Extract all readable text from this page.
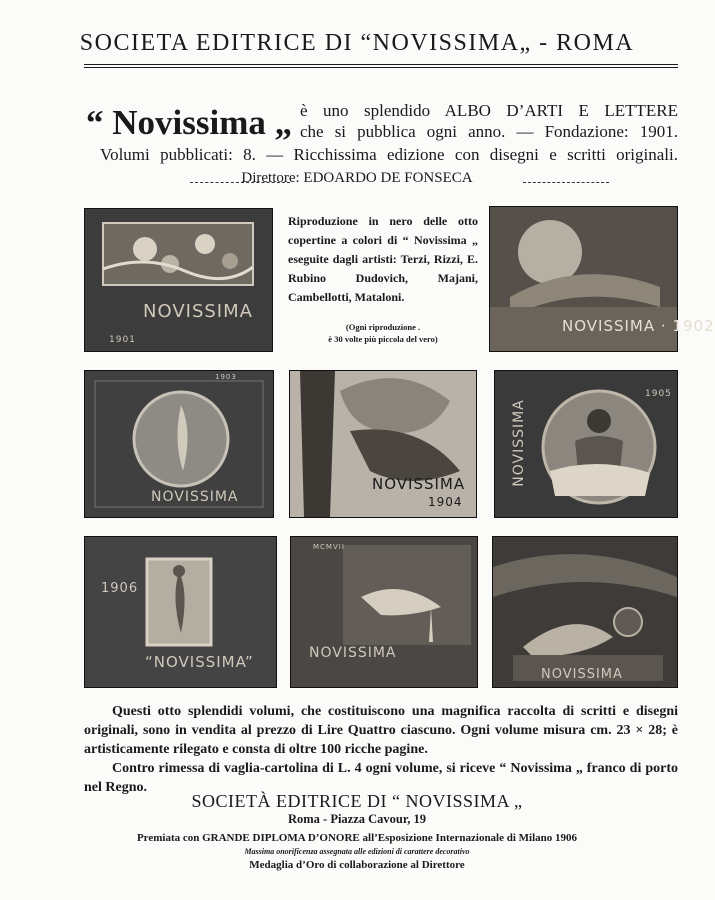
SOCIETA EDITRICE DI “NOVISSIMA„ - ROMA
“ Novissima „ è uno splendido ALBO D’ARTI E LETTERE
che si pubblica ogni anno. — Fondazione: 1901.
Volumi pubblicati: 8. — Ricchissima edizione con disegni e scritti originali.
Direttore: EDOARDO DE FONSECA
NOVISSIMA
1901
Riproduzione in nero delle otto copertine a colori di “ Novissima „ eseguite dagli artisti: Terzi, Rizzi, E. Rubino Dudovich, Majani, Cambellotti, Mataloni.
(Ogni riproduzione .
è 30 volte più piccola del vero)
NOVISSIMA · 1902
NOVISSIMA
1903
NOVISSIMA
1904
NOVISSIMA
1905
“NOVISSIMA”
1906
NOVISSIMA
MCMVII
NOVISSIMA

Questi otto splendidi volumi, che costituiscono una magnifica raccolta di scritti e disegni originali, sono in vendita al prezzo di Lire Quattro ciascuno. Ogni volume misura cm. 23 × 28; è artisticamente rilegato e consta di oltre 100 ricche pagine.

Contro rimessa di vaglia-cartolina di L. 4 ogni volume, si riceve “ Novissima „ franco di porto nel Regno.

SOCIETÀ EDITRICE DI “ NOVISSIMA „
Roma - Piazza Cavour, 19
Premiata con GRANDE DIPLOMA D’ONORE all’Esposizione Internazionale di Milano 1906
Massima onorificenza assegnata alle edizioni di carattere decorativo
Medaglia d’Oro di collaborazione al Direttore
